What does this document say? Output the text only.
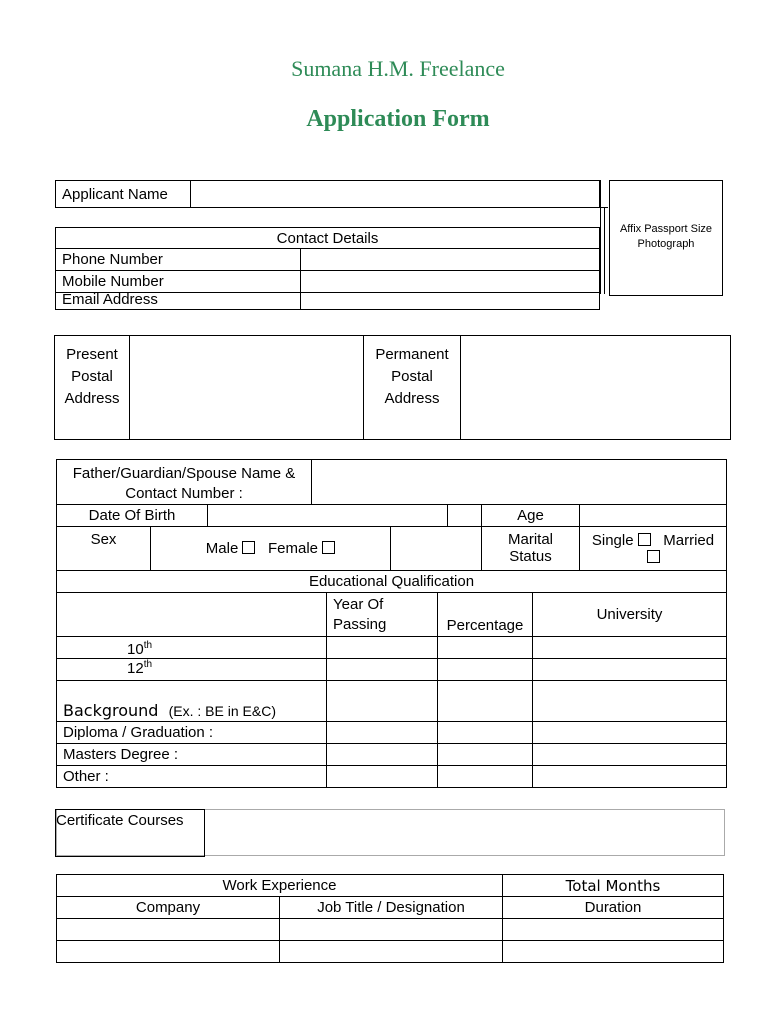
Sumana H.M. Freelance
Application Form
Applicant Name	
Affix Passport Size Photograph
Contact Details	
Phone Number	
Mobile Number	
Email Address	
Present Postal Address		Permanent Postal Address	
Father/Guardian/Spouse Name & Contact Number :							
Date Of Birth						Age	
Sex	Male Female					Marital Status	Single Married
Educational Qualification			
	Year Of Passing	Percentage	University
10th			
12th			
Background (Ex. : BE in E&C)			
Diploma / Graduation :			
Masters Degree :			
Other :			
Certificate Courses
Work Experience		Total Months
Company	Job Title / Designation	Duration
